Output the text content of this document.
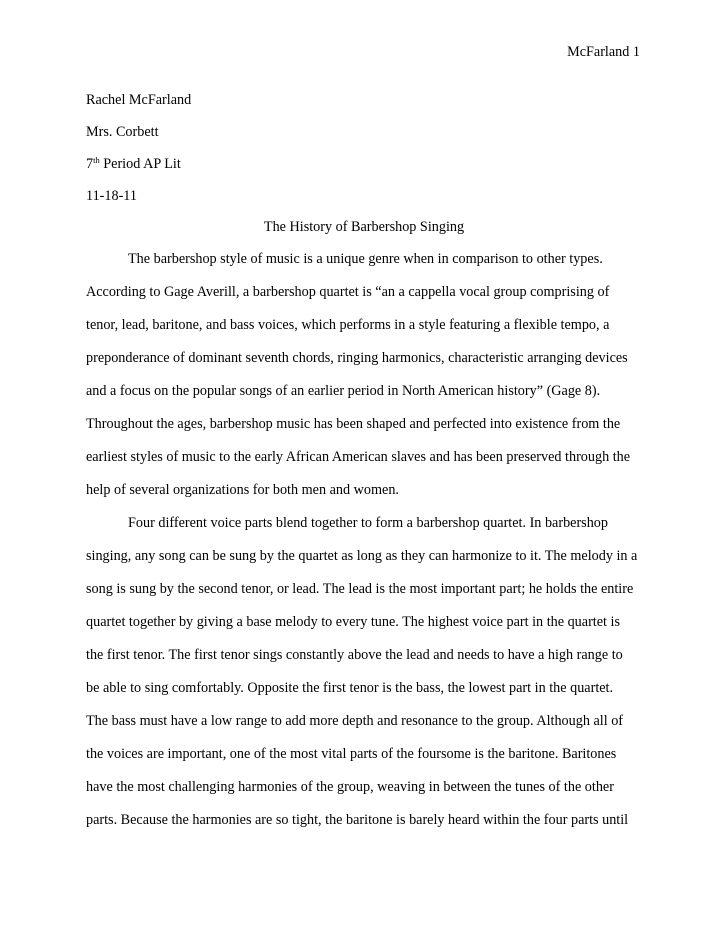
McFarland 1
Rachel McFarland
Mrs. Corbett
7th Period AP Lit
11-18-11
The History of Barbershop Singing
The barbershop style of music is a unique genre when in comparison to other types.
According to Gage Averill, a barbershop quartet is “an a cappella vocal group comprising of
tenor, lead, baritone, and bass voices, which performs in a style featuring a flexible tempo, a
preponderance of dominant seventh chords, ringing harmonics, characteristic arranging devices
and a focus on the popular songs of an earlier period in North American history” (Gage 8).
Throughout the ages, barbershop music has been shaped and perfected into existence from the
earliest styles of music to the early African American slaves and has been preserved through the
help of several organizations for both men and women.
Four different voice parts blend together to form a barbershop quartet. In barbershop
singing, any song can be sung by the quartet as long as they can harmonize to it. The melody in a
song is sung by the second tenor, or lead. The lead is the most important part; he holds the entire
quartet together by giving a base melody to every tune. The highest voice part in the quartet is
the first tenor. The first tenor sings constantly above the lead and needs to have a high range to
be able to sing comfortably. Opposite the first tenor is the bass, the lowest part in the quartet.
The bass must have a low range to add more depth and resonance to the group. Although all of
the voices are important, one of the most vital parts of the foursome is the baritone. Baritones
have the most challenging harmonies of the group, weaving in between the tunes of the other
parts. Because the harmonies are so tight, the baritone is barely heard within the four parts until
